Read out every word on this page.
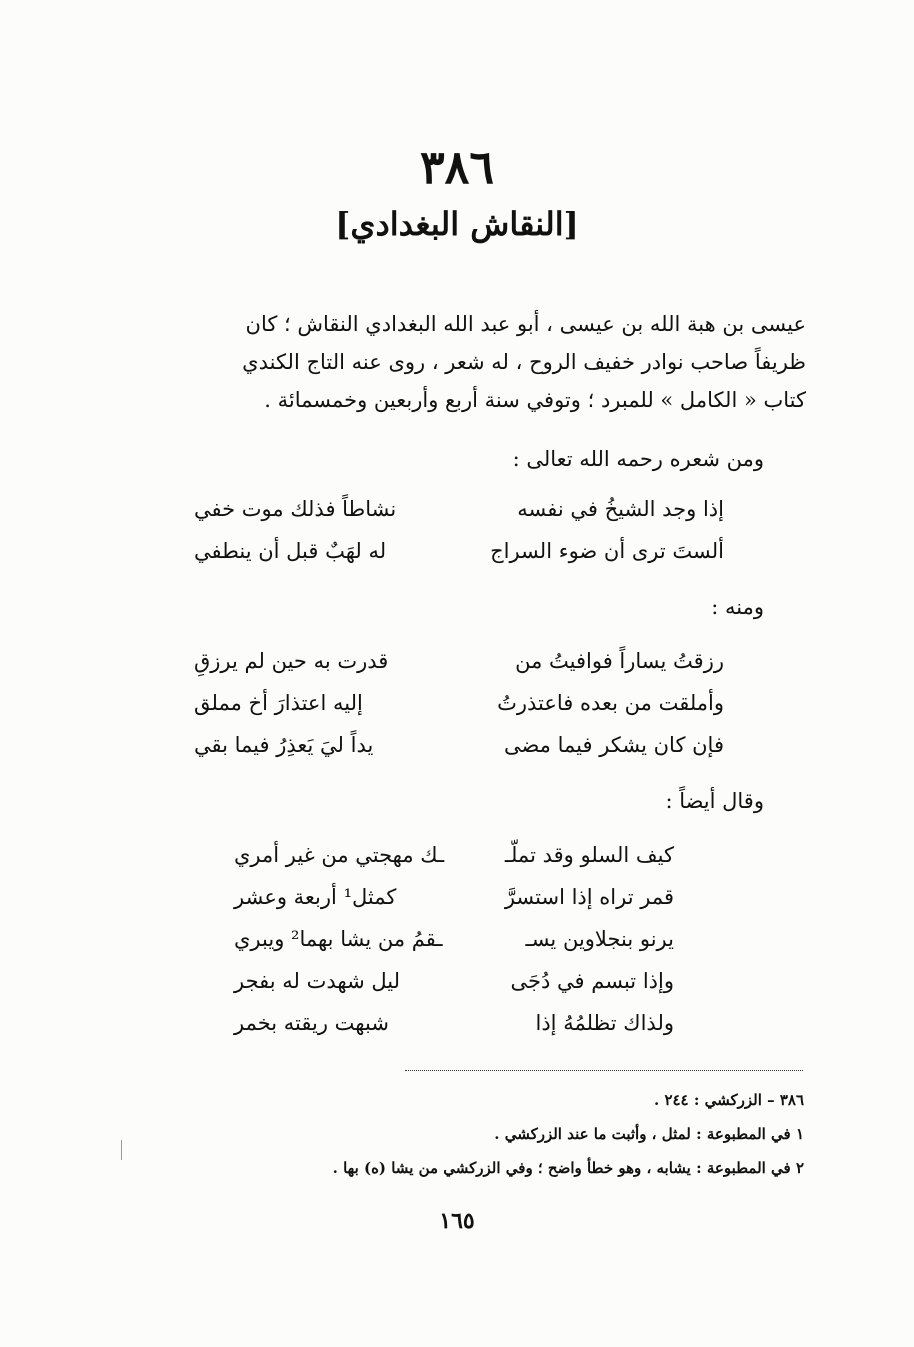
٣٨٦
[النقاش البغدادي]

عيسى بن هبة الله بن عيسى ، أبو عبد الله البغدادي النقاش ؛ كان

ظريفاً صاحب نوادر خفيف الروح ، له شعر ، روى عنه التاج الكندي

كتاب « الكامل » للمبرد ؛ وتوفي سنة أربع وأربعين وخمسمائة .

ومن شعره رحمه الله تعالى :
إذا وجد الشيخُ في نفسه
نشاطاً فذلك موت خفي
ألستَ ترى أن ضوء السراج
له لهَبٌ قبل أن ينطفي
ومنه :
رزقتُ يساراً فوافيتُ من
قدرت به حين لم يرزقِ
وأملقت من بعده فاعتذرتُ
إليه اعتذارَ أخ مملق
فإن كان يشكر فيما مضى
يداً ليَ يَعذِرُ فيما بقي
وقال أيضاً :
كيف السلو وقد تملّـ
ـك مهجتي من غير أمري
قمر تراه إذا استسرَّ
كمثل¹ أربعة وعشر
يرنو بنجلاوين يسـ
ـقمُ من يشا بهما² ويبري
وإذا تبسم في دُجَى
ليل شهدت له بفجر
ولذاك تظلمُهُ إذا
شبهت ريقته بخمر
٣٨٦ – الزركشي : ٢٤٤ .
١ في المطبوعة : لمثل ، وأثبت ما عند الزركشي .
٢ في المطبوعة : يشابه ، وهو خطأ واضح ؛ وفي الزركشي من يشا (ه) بها .
١٦٥
